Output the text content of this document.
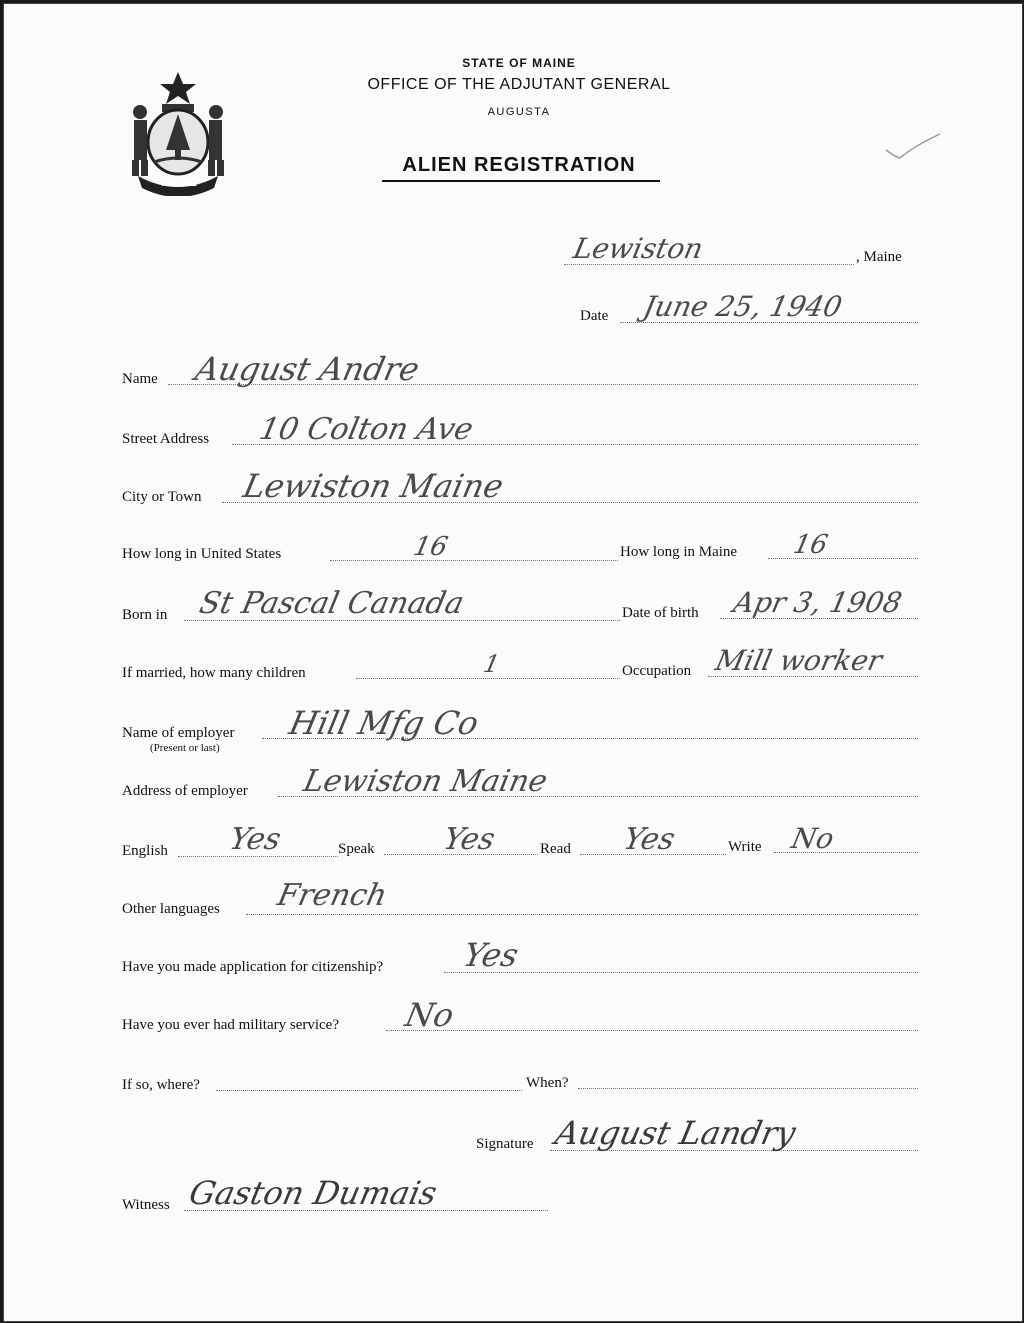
MAINE
STATE OF MAINE
OFFICE OF THE ADJUTANT GENERAL
AUGUSTA
ALIEN REGISTRATION
Lewiston	, Maine
Date June 25, 1940
Name August Andre
Street Address 10 Colton Ave
City or Town Lewiston Maine
How long in United States	16	How long in Maine 16
Born in St Pascal Canada	Date of birth Apr 3, 1908
If married, how many children	1	Occupation Mill worker
Name of employer
(Present or last)
Hill Mfg Co
Address of employer Lewiston Maine
English Yes	Speak Yes	Read Yes	Write No
Other languages French
Have you made application for citizenship? Yes
Have you ever had military service? No
If so, where?	When?
Signature August Landry
Witness Gaston Dumais
